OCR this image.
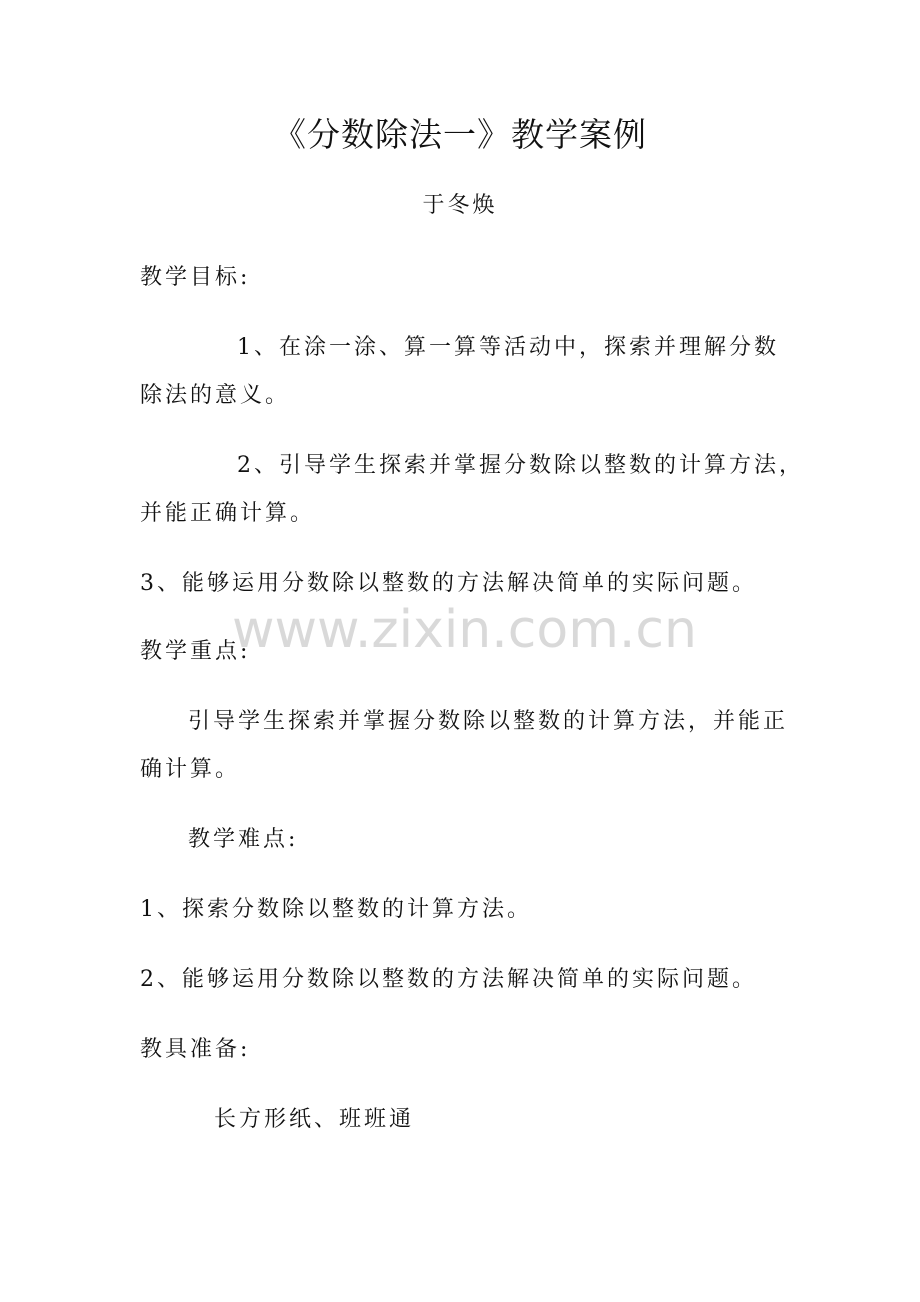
《分数除法一》教学案例
于冬焕
教学目标:
1、在涂一涂、算一算等活动中，探索并理解分数
除法的意义。
2、引导学生探索并掌握分数除以整数的计算方法，
并能正确计算。
3、能够运用分数除以整数的方法解决简单的实际问题。
www.zixin.com.cn
教学重点:
引导学生探索并掌握分数除以整数的计算方法，并能正
确计算。
教学难点:
1、探索分数除以整数的计算方法。
2、能够运用分数除以整数的方法解决简单的实际问题。
教具准备:
长方形纸、班班通
